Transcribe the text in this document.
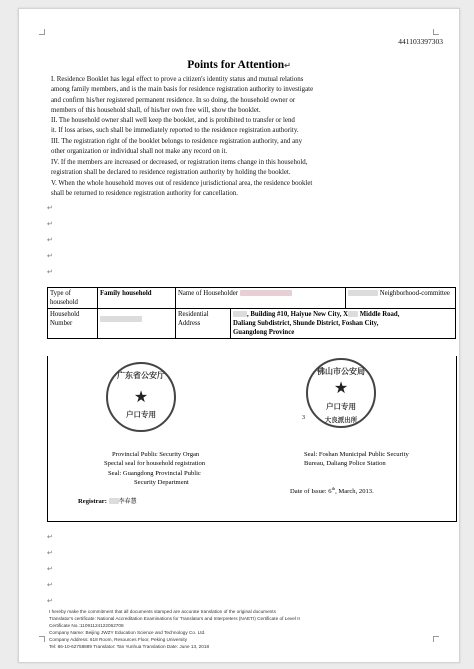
441103397303
Points for Attention↵
I. Residence Booklet has legal effect to prove a citizen's identity status and mutual relations
among family members, and is the main basis for residence registration authority to investigate
and confirm his/her registered permanent residence. In so doing, the household owner or
members of this household shall, of his/her own free will, show the booklet.
II. The household owner shall well keep the booklet, and is prohibited to transfer or lend
it. If loss arises, such shall be immediately reported to the residence registration authority.
III. The registration right of the booklet belongs to residence registration authority, and any
other organization or individual shall not make any record on it.
IV. If the members are increased or decreased, or registration items change in this household,
registration shall be declared to residence registration authority by holding the booklet.
V. When the whole household moves out of residence jurisdictional area, the residence booklet
shall be returned to residence registration authority for cancellation.
↵
↵
↵
↵
↵
Type of household	Family household	Name of Householder		Neighborhood-committee
Household Number		Residential Address	, Building #10, Haiyue New City, X Middle Road,
Daliang Subdistrict, Shunde District, Foshan City,
Guangdong Province	
广东省公安厅
★
户口专用
佛山市公安局
★
户口专用
大良派出所
3
Provincial Public Security Organ
Special seal for household registration
Seal: Guangdong Provincial Public
Security Department
Registrar: 李春慧
Seal: Foshan Municipal Public Security
Bureau, Daliang Police Station
Date of Issue: 6th, March, 2013.
↵
↵
↵
↵
↵
I hereby make the commitment that all documents stamped are accurate translation of the original documents
Translator's certificate: National Accreditation Examinations for Translators and Interpreters (NAETI) Certificate of Level II
Certificate No.:11091124122062708
Company Name: Beijing JWZY Education Science and Technology Co. Ltd.
Company Address: 618 Room, Resources Floor, Peking University
Tel: 86-10-62758889 Translator: Tan Yunhua Translation Date: June 13, 2018
